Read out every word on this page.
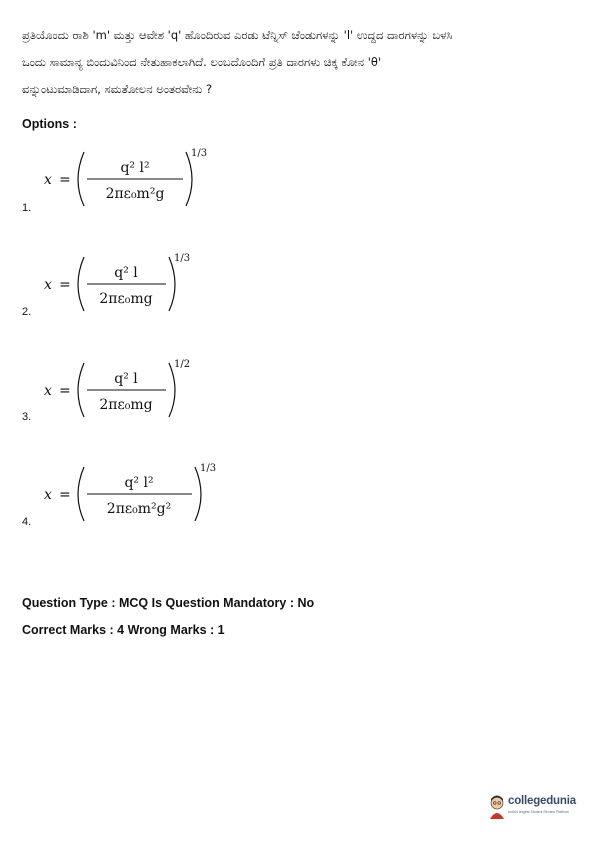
ಪ್ರತಿಯೊಂದು ರಾಶಿ 'm' ಮತ್ತು ಆವೇಶ 'q' ಹೊಂದಿರುವ ಎರಡು ಟೆನ್ನಿಸ್ ಚೆಂಡುಗಳನ್ನು 'l' ಉದ್ದದ ದಾರಗಳನ್ನು ಬಳಸಿ ಒಂದು ಸಾಮಾನ್ಯ ಬಿಂದುವಿನಿಂದ ನೇತುಹಾಕಲಾಗಿದೆ. ಲಂಬದೊಂದಿಗೆ ಪ್ರತಿ ದಾರಗಳು ಚಿಕ್ಕ ಕೋನ 'θ' ವನ್ನುಂಟುಮಾಡಿದಾಗ, ಸಮತೋಲನ ಅಂತರವೇನು ?
Options :
1.
x =
q² l²
2πε₀m²g
1/3
2.
x =
q² l
2πε₀mg
1/3
3.
x =
q² l
2πε₀mg
1/2
4.
x =
q² l²
2πε₀m²g²
1/3
Question Type : MCQ Is Question Mandatory : No
Correct Marks : 4 Wrong Marks : 1
collegedunia
India's largest Student Review Platform
